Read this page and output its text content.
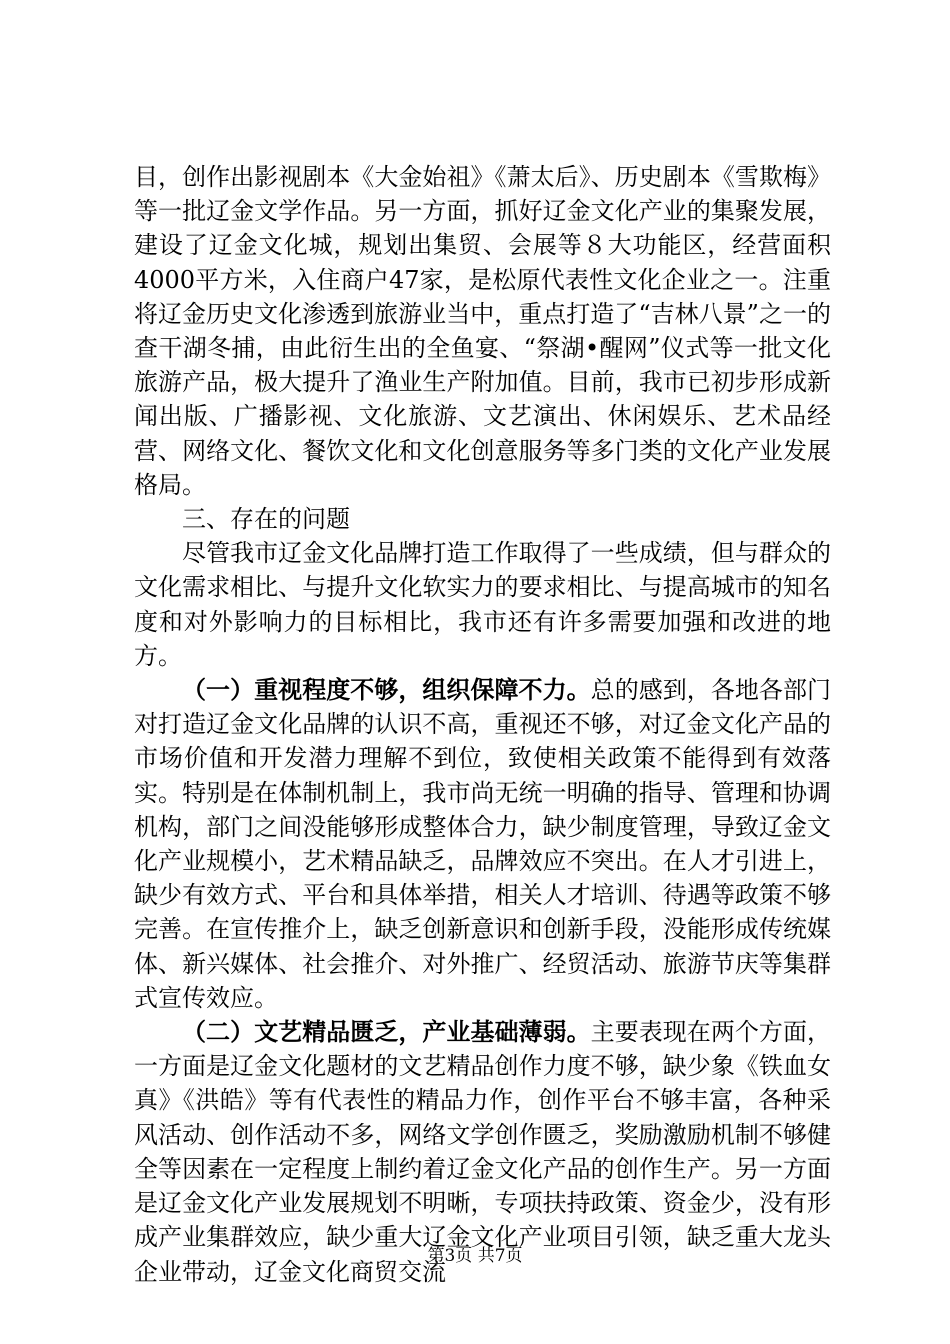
目，创作出影视剧本《大金始祖》《萧太后》、历史剧本《雪欺梅》等一批辽金文学作品。另一方面，抓好辽金文化产业的集聚发展，建设了辽金文化城，规划出集贸、会展等８大功能区，经营面积4000平方米，入住商户47家，是松原代表性文化企业之一。注重将辽金历史文化渗透到旅游业当中，重点打造了“吉林八景”之一的查干湖冬捕，由此衍生出的全鱼宴、“祭湖•醒网”仪式等一批文化旅游产品，极大提升了渔业生产附加值。目前，我市已初步形成新闻出版、广播影视、文化旅游、文艺演出、休闲娱乐、艺术品经营、网络文化、餐饮文化和文化创意服务等多门类的文化产业发展格局。

三、存在的问题

尽管我市辽金文化品牌打造工作取得了一些成绩，但与群众的文化需求相比、与提升文化软实力的要求相比、与提高城市的知名度和对外影响力的目标相比，我市还有许多需要加强和改进的地方。

（一）重视程度不够，组织保障不力。总的感到，各地各部门对打造辽金文化品牌的认识不高，重视还不够，对辽金文化产品的市场价值和开发潜力理解不到位，致使相关政策不能得到有效落实。特别是在体制机制上，我市尚无统一明确的指导、管理和协调机构，部门之间没能够形成整体合力，缺少制度管理，导致辽金文化产业规模小，艺术精品缺乏，品牌效应不突出。在人才引进上，缺少有效方式、平台和具体举措，相关人才培训、待遇等政策不够完善。在宣传推介上，缺乏创新意识和创新手段，没能形成传统媒体、新兴媒体、社会推介、对外推广、经贸活动、旅游节庆等集群式宣传效应。

（二）文艺精品匮乏，产业基础薄弱。主要表现在两个方面，一方面是辽金文化题材的文艺精品创作力度不够，缺少象《铁血女真》《洪皓》等有代表性的精品力作，创作平台不够丰富，各种采风活动、创作活动不多，网络文学创作匮乏，奖励激励机制不够健全等因素在一定程度上制约着辽金文化产品的创作生产。另一方面是辽金文化产业发展规划不明晰，专项扶持政策、资金少，没有形成产业集群效应，缺少重大辽金文化产业项目引领，缺乏重大龙头企业带动，辽金文化商贸交流

第3页 共7页
